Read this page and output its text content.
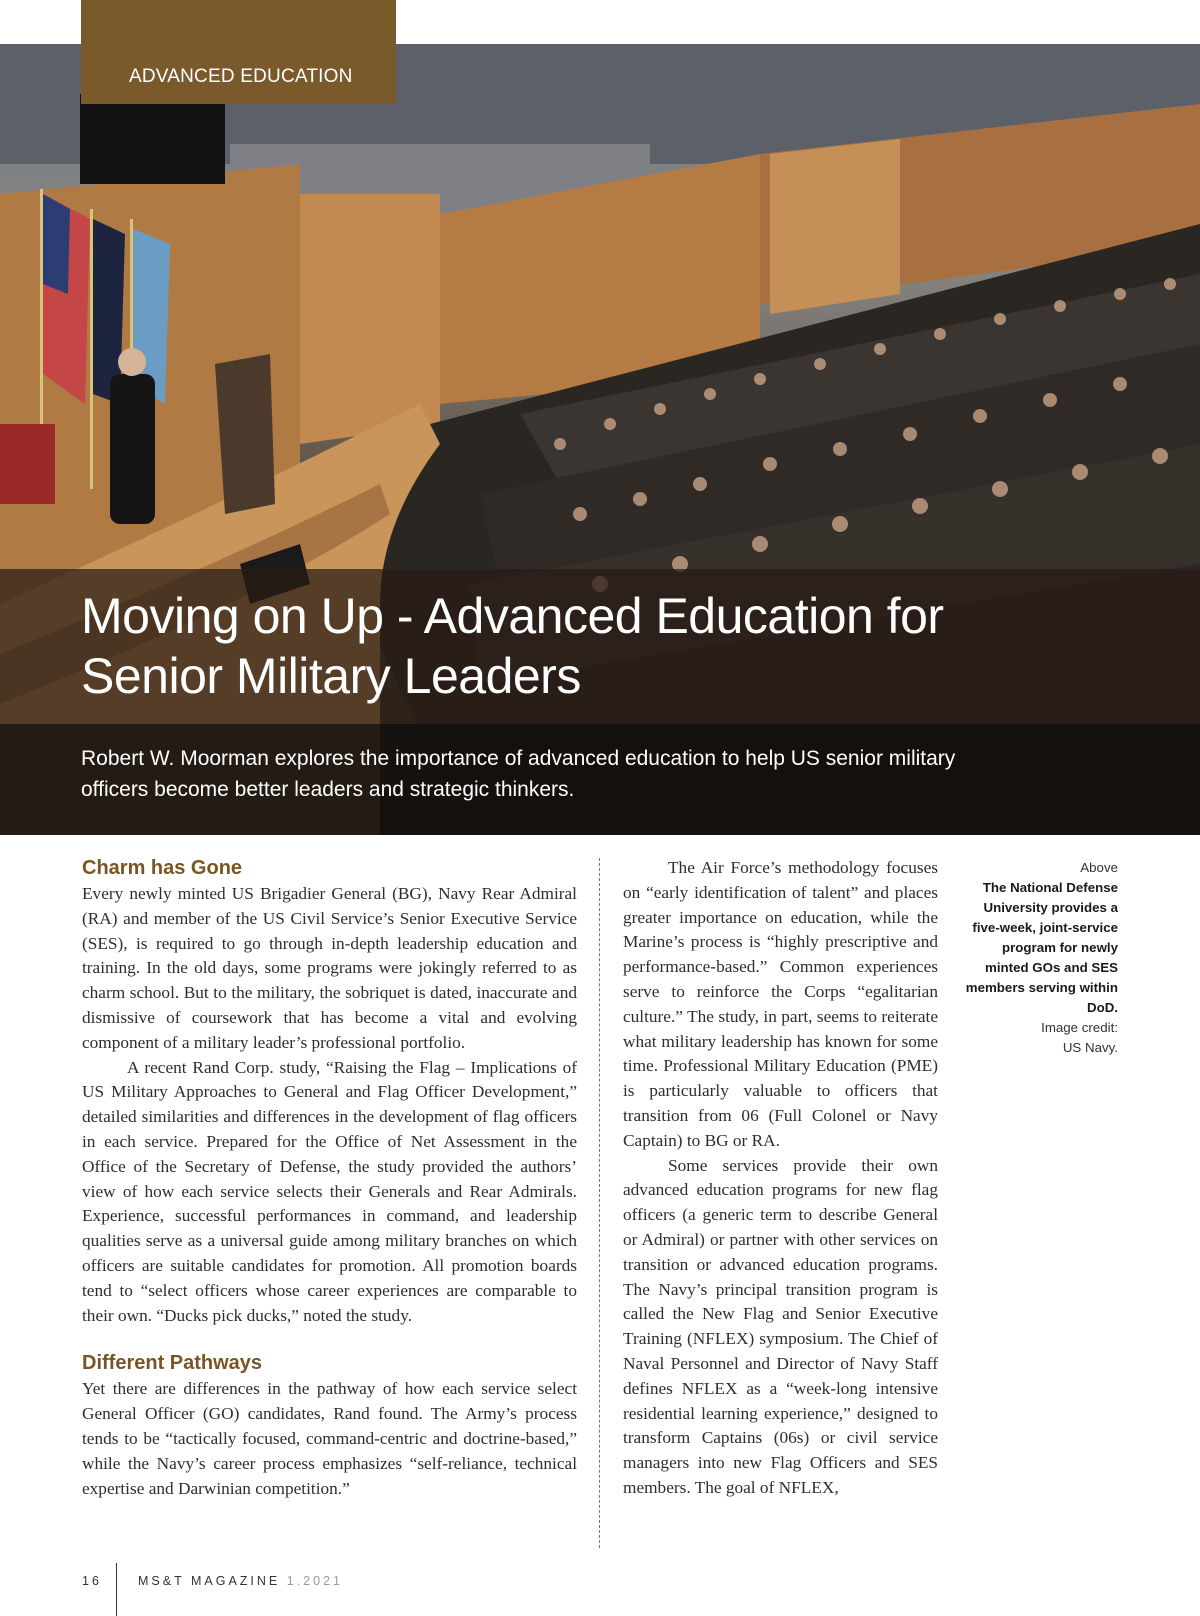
ADVANCED EDUCATION
Moving on Up - Advanced Education for Senior Military Leaders
Robert W. Moorman explores the importance of advanced education to help US senior military officers become better leaders and strategic thinkers.
Charm has Gone

Every newly minted US Brigadier General (BG), Navy Rear Admiral (RA) and member of the US Civil Service’s Senior Executive Service (SES), is required to go through in-depth leadership education and training. In the old days, some programs were jokingly referred to as charm school. But to the military, the sobriquet is dated, inaccurate and dismissive of coursework that has become a vital and evolving component of a military leader’s professional portfolio.

A recent Rand Corp. study, “Raising the Flag – Implications of US Military Approaches to General and Flag Officer Development,” detailed similarities and differences in the development of flag officers in each service. Prepared for the Office of Net Assessment in the Office of the Secretary of Defense, the study provided the authors’ view of how each service selects their Generals and Rear Admirals. Experience, successful performances in command, and leadership qualities serve as a universal guide among military branches on which officers are suitable candidates for promotion. All promotion boards tend to “select officers whose career experiences are comparable to their own. “Ducks pick ducks,” noted the study.

Different Pathways

Yet there are differences in the pathway of how each service select General Officer (GO) candidates, Rand found. The Army’s process tends to be “tactically focused, command-centric and doctrine-based,” while the Navy’s career process emphasizes “self-reliance, technical expertise and Darwinian competition.”

The Air Force’s methodology focuses on “early identification of talent” and places greater importance on education, while the Marine’s process is “highly prescriptive and performance-based.” Common experiences serve to reinforce the Corps “egalitarian culture.” The study, in part, seems to reiterate what military leadership has known for some time. Professional Military Education (PME) is particularly valuable to officers that transition from 06 (Full Colonel or Navy Captain) to BG or RA.

Some services provide their own advanced education programs for new flag officers (a generic term to describe General or Admiral) or partner with other services on transition or advanced education programs. The Navy’s principal transition program is called the New Flag and Senior Executive Training (NFLEX) symposium. The Chief of Naval Personnel and Director of Navy Staff defines NFLEX as a “week-long intensive residential learning experience,” designed to transform Captains (06s) or civil service managers into new Flag Officers and SES members. The goal of NFLEX,

Above
The National Defense University provides a five-week, joint-service program for newly minted GOs and SES members serving within DoD.
Image credit:
US Navy.
16	MS&T MAGAZINE 1.2021
